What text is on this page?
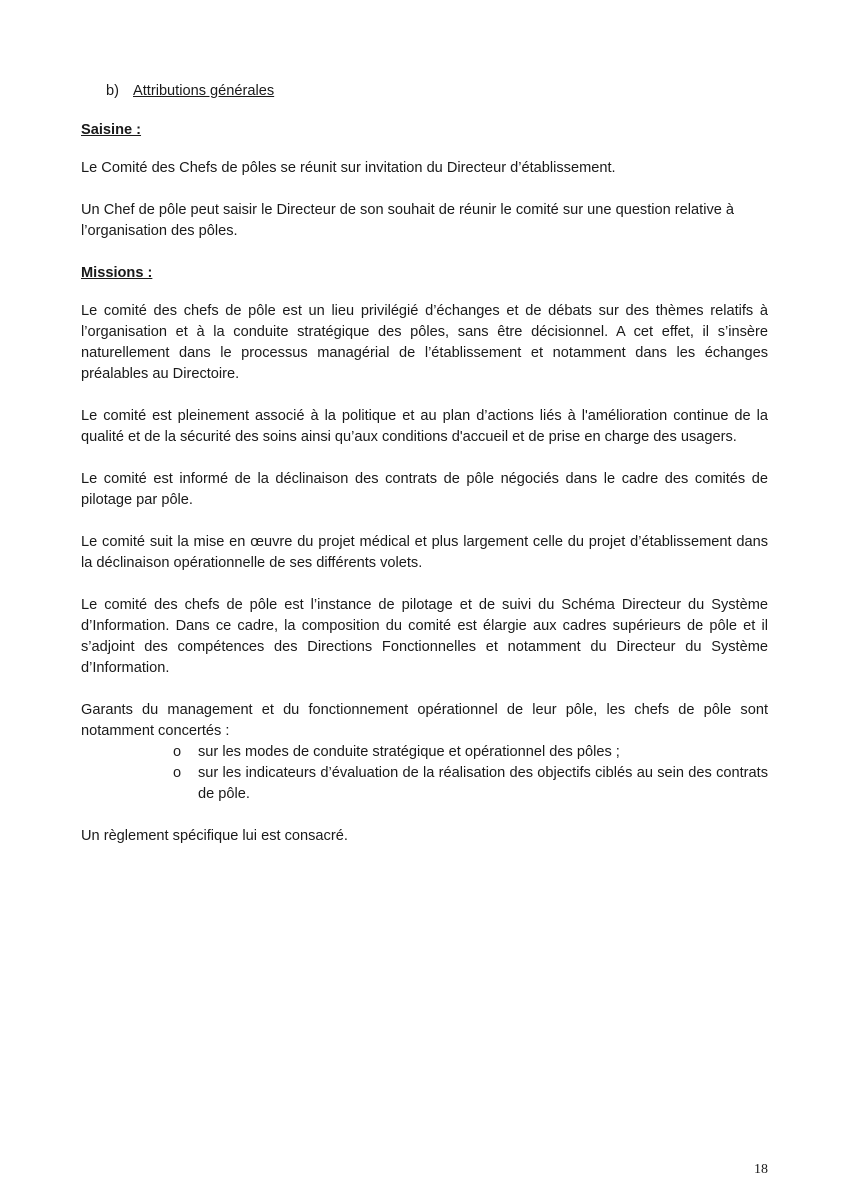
b) Attributions générales
Saisine :

Le Comité des Chefs de pôles se réunit sur invitation du Directeur d’établissement.

Un Chef de pôle peut saisir le Directeur de son souhait de réunir le comité sur une question relative à l’organisation des pôles.

Missions :

Le comité des chefs de pôle est un lieu privilégié d’échanges et de débats sur des thèmes relatifs à l’organisation et à la conduite stratégique des pôles, sans être décisionnel. A cet effet, il s’insère naturellement dans le processus managérial de l’établissement et notamment dans les échanges préalables au Directoire.

Le comité est pleinement associé à la politique et au plan d’actions liés à l'amélioration continue de la qualité et de la sécurité des soins ainsi qu’aux conditions d'accueil et de prise en charge des usagers.

Le comité est informé de la déclinaison des contrats de pôle négociés dans le cadre des comités de pilotage par pôle.

Le comité suit la mise en œuvre du projet médical et plus largement celle du projet d’établissement dans la déclinaison opérationnelle de ses différents volets.

Le comité des chefs de pôle est l’instance de pilotage et de suivi du Schéma Directeur du Système d’Information. Dans ce cadre, la composition du comité est élargie aux cadres supérieurs de pôle et il s’adjoint des compétences des Directions Fonctionnelles et notamment du Directeur du Système d’Information.

Garants du management et du fonctionnement opérationnel de leur pôle, les chefs de pôle sont notamment concertés :

o sur les modes de conduite stratégique et opérationnel des pôles ;
o sur les indicateurs d’évaluation de la réalisation des objectifs ciblés au sein des contrats de pôle.

Un règlement spécifique lui est consacré.

18
